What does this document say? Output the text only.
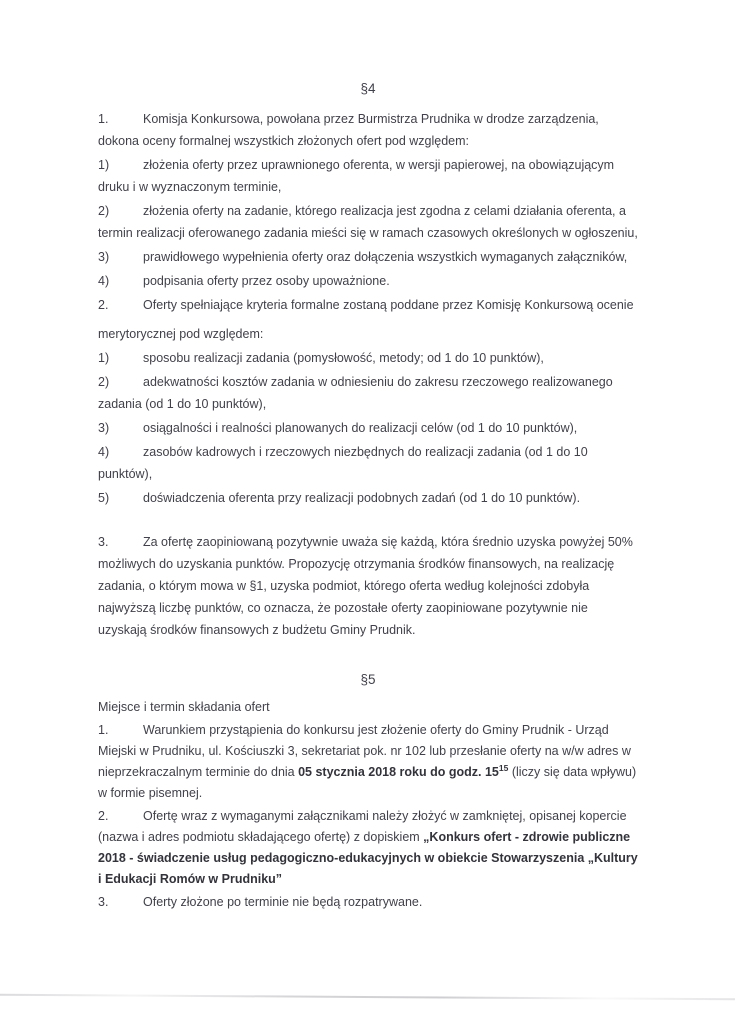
§4

1.	Komisja Konkursowa, powołana przez Burmistrza Prudnika w drodze zarządzenia, dokona oceny formalnej wszystkich złożonych ofert pod względem:

1)	złożenia oferty przez uprawnionego oferenta, w wersji papierowej, na obowiązującym druku i w wyznaczonym terminie,

2)	złożenia oferty na zadanie, którego realizacja jest zgodna z celami działania oferenta, a termin realizacji oferowanego zadania mieści się w ramach czasowych określonych w ogłoszeniu,

3)	prawidłowego wypełnienia oferty oraz dołączenia wszystkich wymaganych załączników,

4)	podpisania oferty przez osoby upoważnione.

2.	Oferty spełniające kryteria formalne zostaną poddane przez Komisję Konkursową ocenie

merytorycznej pod względem:

1)	sposobu realizacji zadania (pomysłowość, metody; od 1 do 10 punktów),

2)	adekwatności kosztów zadania w odniesieniu do zakresu rzeczowego realizowanego zadania (od 1 do 10 punktów),

3)	osiągalności i realności planowanych do realizacji celów (od 1 do 10 punktów),

4)	zasobów kadrowych i rzeczowych niezbędnych do realizacji zadania (od 1 do 10 punktów),

5)	doświadczenia oferenta przy realizacji podobnych zadań (od 1 do 10 punktów).

3.	Za ofertę zaopiniowaną pozytywnie uważa się każdą, która średnio uzyska powyżej 50% możliwych do uzyskania punktów. Propozycję otrzymania środków finansowych, na realizację zadania, o którym mowa w §1, uzyska podmiot, którego oferta według kolejności zdobyła najwyższą liczbę punktów, co oznacza, że pozostałe oferty zaopiniowane pozytywnie nie uzyskają środków finansowych z budżetu Gminy Prudnik.

§5

Miejsce i termin składania ofert

1.	Warunkiem przystąpienia do konkursu jest złożenie oferty do Gminy Prudnik - Urząd Miejski w Prudniku, ul. Kościuszki 3, sekretariat pok. nr 102 lub przesłanie oferty na w/w adres w nieprzekraczalnym terminie do dnia 05 stycznia 2018 roku do godz. $15^{15}$ (liczy się data wpływu) w formie pisemnej.

2.	Ofertę wraz z wymaganymi załącznikami należy złożyć w zamkniętej, opisanej kopercie (nazwa i adres podmiotu składającego ofertę) z dopiskiem „Konkurs ofert - zdrowie publiczne 2018 - świadczenie usług pedagogiczno-edukacyjnych w obiekcie Stowarzyszenia „Kultury i Edukacji Romów w Prudniku”

3.	Oferty złożone po terminie nie będą rozpatrywane.
